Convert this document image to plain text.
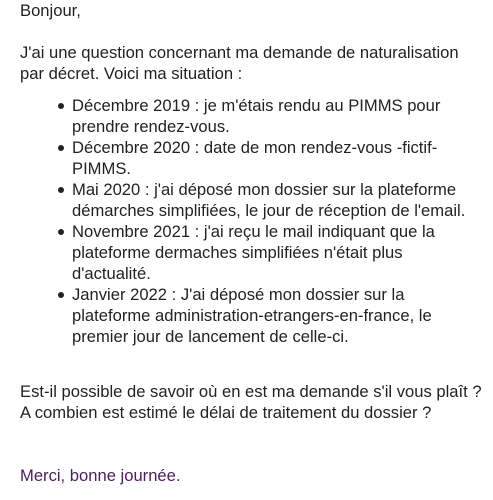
Bonjour,

J'ai une question concernant ma demande de naturalisation par décret. Voici ma situation :

Décembre 2019 : je m'étais rendu au PIMMS pour prendre rendez-vous.
Décembre 2020 : date de mon rendez-vous -fictif- PIMMS.
Mai 2020 : j'ai déposé mon dossier sur la plateforme démarches simplifiées, le jour de réception de l'email.
Novembre 2021 : j'ai reçu le mail indiquant que la plateforme dermaches simplifiées n'était plus d'actualité.
Janvier 2022 : J'ai déposé mon dossier sur la plateforme administration-etrangers-en-france, le premier jour de lancement de celle-ci.

Est-il possible de savoir où en est ma demande s'il vous plaît ? A combien est estimé le délai de traitement du dossier ?

Merci, bonne journée.
